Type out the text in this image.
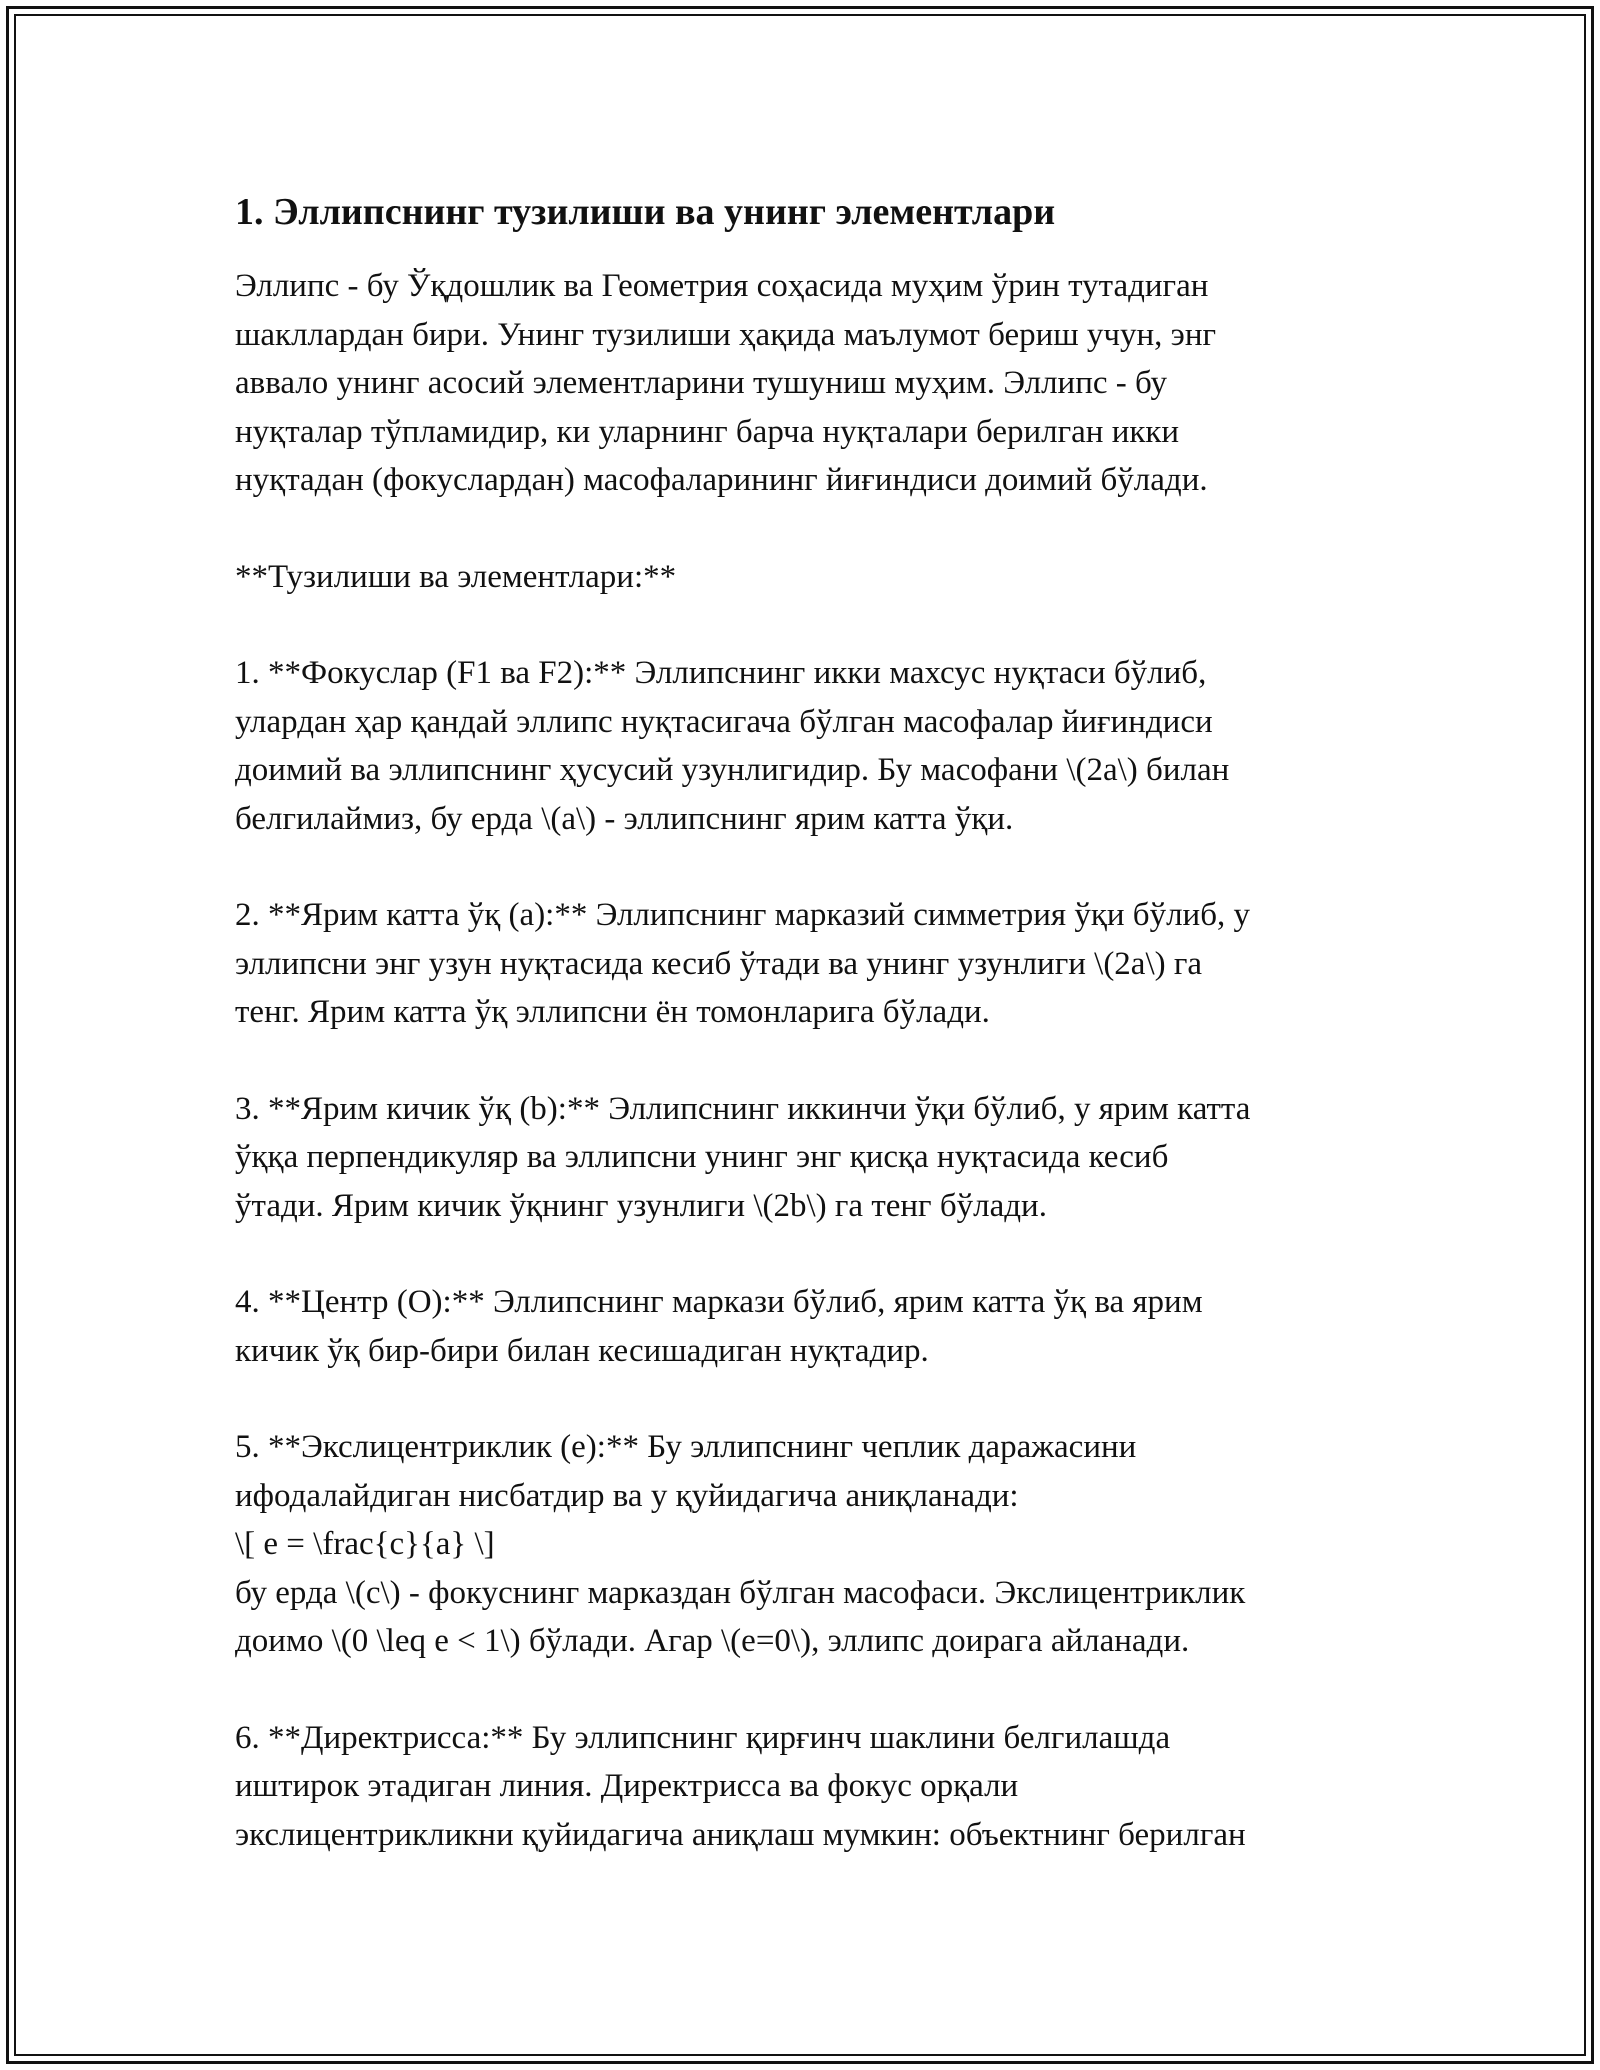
1. Эллипснинг тузилиши ва унинг элементлари
Эллипс - бу Ўқдошлик ва Геометрия соҳасида муҳим ўрин тутадиган
шакллардан бири. Унинг тузилиши ҳақида маълумот бериш учун, энг
аввало унинг асосий элементларини тушуниш муҳим. Эллипс - бу
нуқталар тўпламидир, ки уларнинг барча нуқталари берилган икки
нуқтадан (фокуслардан) масофаларининг йиғиндиси доимий бўлади.
**Тузилиши ва элементлари:**
1. **Фокуслар (F1 ва F2):** Эллипснинг икки махсус нуқтаси бўлиб,
улардан ҳар қандай эллипс нуқтасигача бўлган масофалар йиғиндиси
доимий ва эллипснинг ҳусусий узунлигидир. Бу масофани \(2a\) билан
белгилаймиз, бу ерда \(a\) - эллипснинг ярим катта ўқи.
2. **Ярим катта ўқ (a):** Эллипснинг марказий симметрия ўқи бўлиб, у
эллипсни энг узун нуқтасида кесиб ўтади ва унинг узунлиги \(2a\) га
тенг. Ярим катта ўқ эллипсни ён томонларига бўлади.
3. **Ярим кичик ўқ (b):** Эллипснинг иккинчи ўқи бўлиб, у ярим катта
ўққа перпендикуляр ва эллипсни унинг энг қисқа нуқтасида кесиб
ўтади. Ярим кичик ўқнинг узунлиги \(2b\) га тенг бўлади.
4. **Центр (O):** Эллипснинг маркази бўлиб, ярим катта ўқ ва ярим
кичик ўқ бир-бири билан кесишадиган нуқтадир.
5. **Экслицентриклик (e):** Бу эллипснинг чеплик даражасини
ифодалайдиган нисбатдир ва у қуйидагича аниқланади:
\[ e = \frac{c}{a} \]
бу ерда \(c\) - фокуснинг марказдан бўлган масофаси. Экслицентриклик
доимо \(0 \leq e < 1\) бўлади. Агар \(e=0\), эллипс доирага айланади.
6. **Директрисса:** Бу эллипснинг қирғинч шаклини белгилашда
иштирок этадиган линия. Директрисса ва фокус орқали
экслицентрикликни қуйидагича аниқлаш мумкин: объектнинг берилган
